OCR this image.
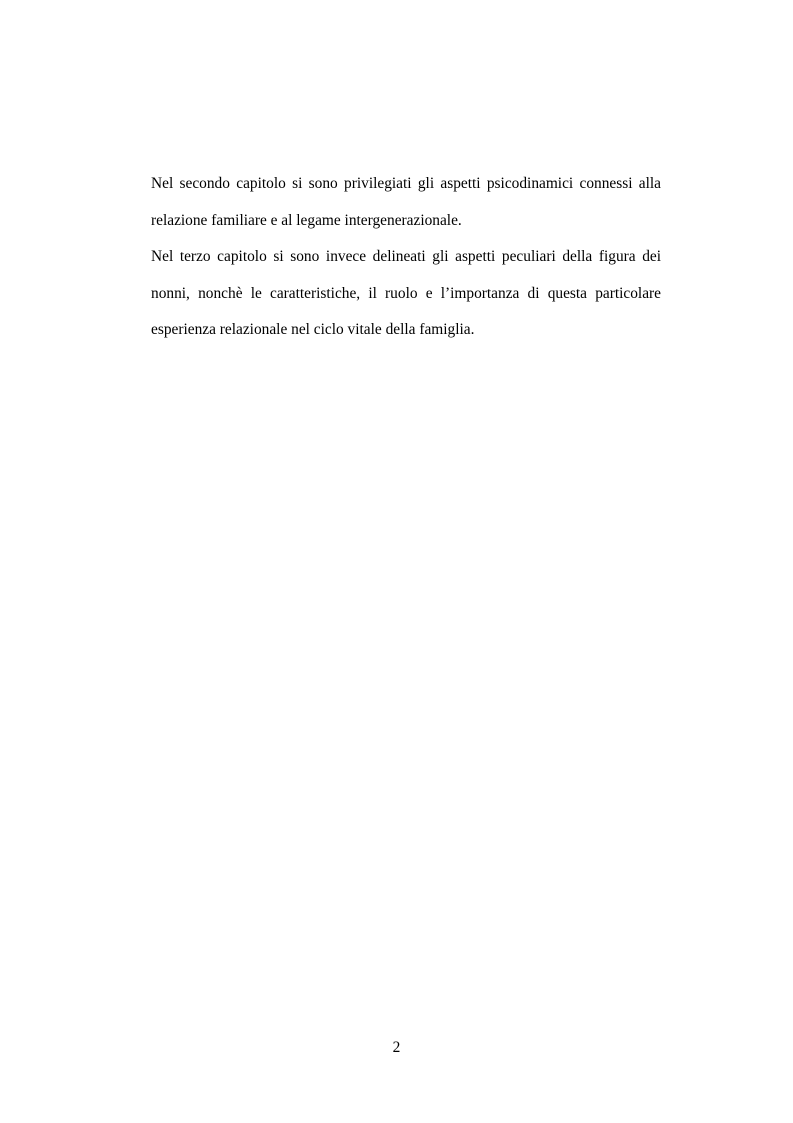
Nel secondo capitolo si sono privilegiati gli aspetti psicodinamici connessi alla relazione familiare e al legame intergenerazionale.

Nel terzo capitolo si sono invece delineati gli aspetti peculiari della figura dei nonni, nonchè le caratteristiche, il ruolo e l’importanza di questa particolare esperienza relazionale nel ciclo vitale della famiglia.

2
